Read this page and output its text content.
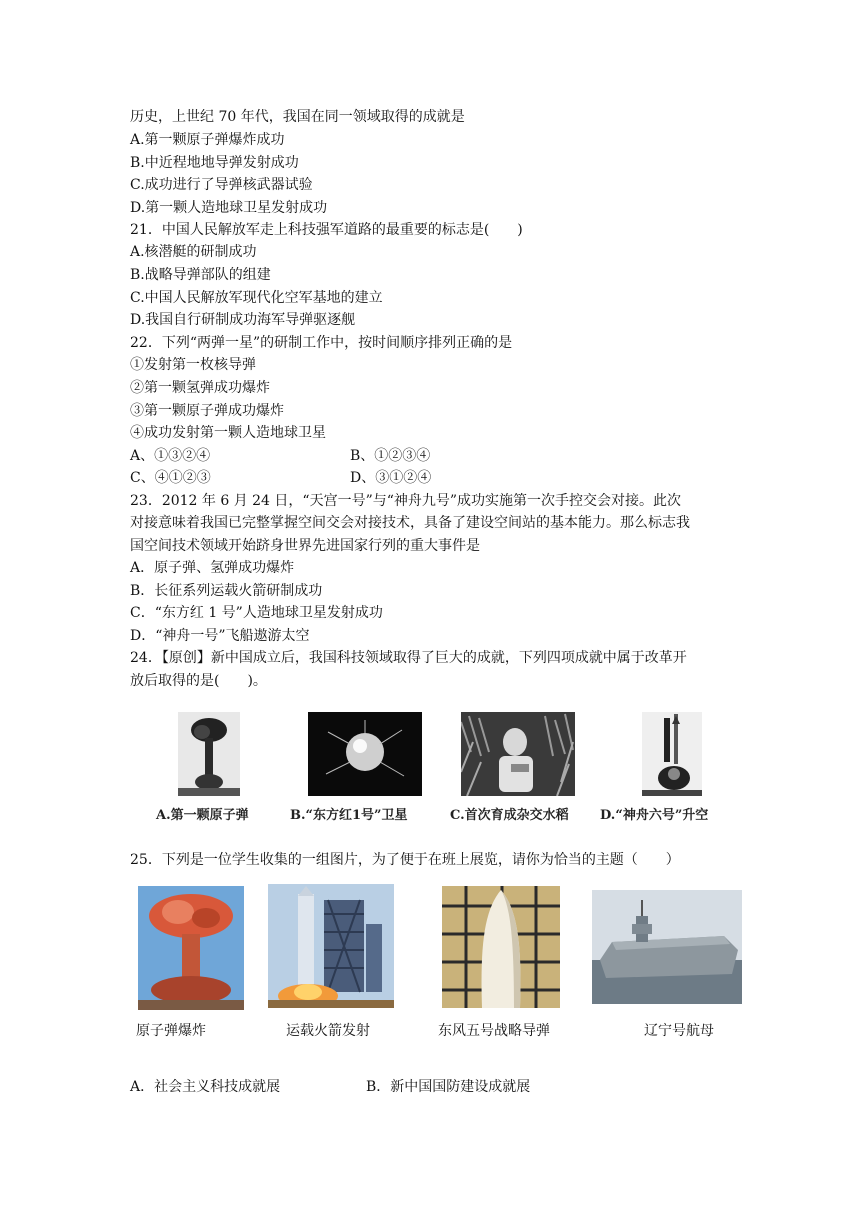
历史，上世纪 70 年代，我国在同一领域取得的成就是
A.第一颗原子弹爆炸成功
B.中近程地地导弹发射成功
C.成功进行了导弹核武器试验
D.第一颗人造地球卫星发射成功
21．中国人民解放军走上科技强军道路的最重要的标志是(　　)
A.核潜艇的研制成功
B.战略导弹部队的组建
C.中国人民解放军现代化空军基地的建立
D.我国自行研制成功海军导弹驱逐舰
22．下列“两弹一星”的研制工作中，按时间顺序排列正确的是
①发射第一枚核导弹
②第一颗氢弹成功爆炸
③第一颗原子弹成功爆炸
④成功发射第一颗人造地球卫星
A、①③②④	B、①②③④
C、④①②③	D、③①②④
23．2012 年 6 月 24 日，“天宫一号”与“神舟九号”成功实施第一次手控交会对接。此次
对接意味着我国已完整掌握空间交会对接技术，具备了建设空间站的基本能力。那么标志我
国空间技术领域开始跻身世界先进国家行列的重大事件是
A．原子弹、氢弹成功爆炸
B．长征系列运载火箭研制成功
C．“东方红 1 号”人造地球卫星发射成功
D．“神舟一号”飞船遨游太空
24．【原创】新中国成立后，我国科技领域取得了巨大的成就，下列四项成就中属于改革开
放后取得的是(　　)。
A.第一颗原子弹	B.“东方红1号”卫星	C.首次育成杂交水稻 D.“神舟六号”升空
25．下列是一位学生收集的一组图片，为了便于在班上展览，请你为恰当的主题（　　）
原子弹爆炸	运载火箭发射	东风五号战略导弹	辽宁号航母
A．社会主义科技成就展	B．新中国国防建设成就展
